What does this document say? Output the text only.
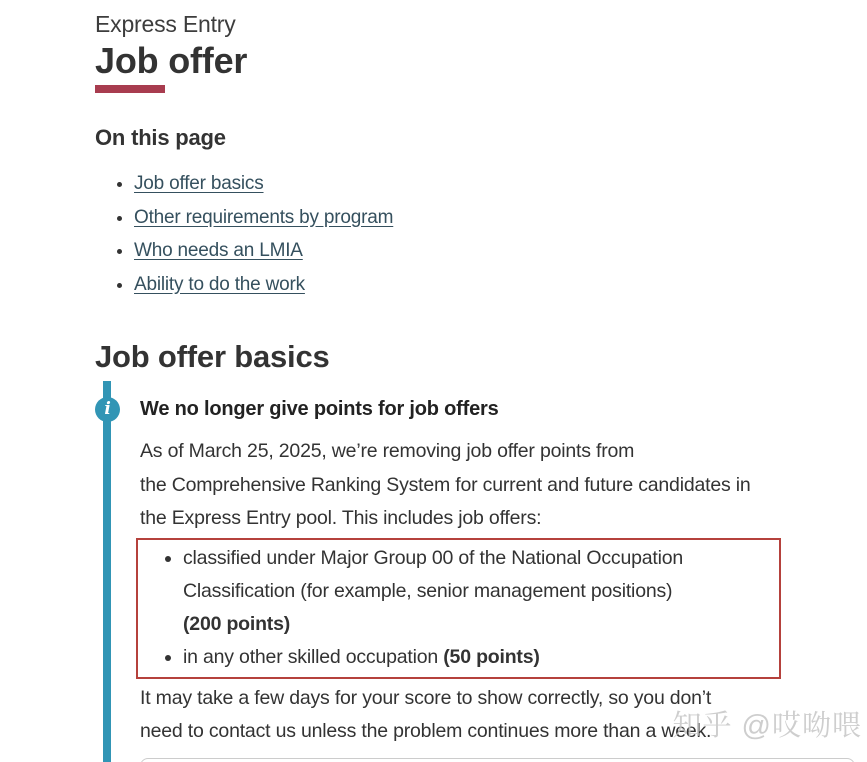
Express Entry
Job offer
On this page
• Job offer basics
• Other requirements by program
• Who needs an LMIA
• Ability to do the work
Job offer basics
i	We no longer give points for job offers
As of March 25, 2025, we’re removing job offer points from
the Comprehensive Ranking System for current and future candidates in
the Express Entry pool. This includes job offers:
• classified under Major Group 00 of the National Occupation
Classification (for example, senior management positions)
(200 points)
• in any other skilled occupation (50 points)
It may take a few days for your score to show correctly, so you don’t
need to contact us unless the problem continues more than a week.
知乎 @哎呦喂
